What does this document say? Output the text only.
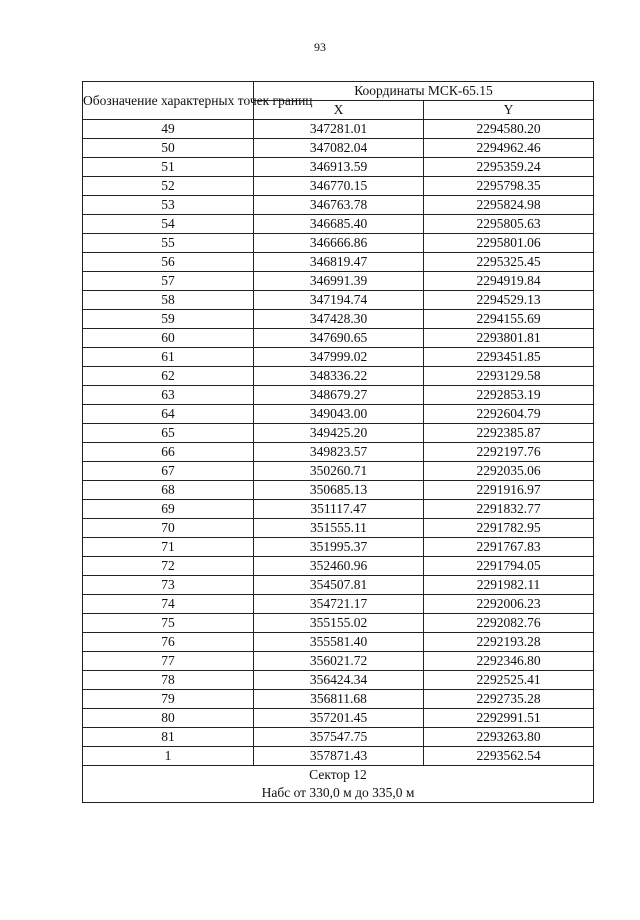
93
Обозначение характерных точек границ	Координаты МСК-65.15	
	X	Y
49	347281.01	2294580.20
50	347082.04	2294962.46
51	346913.59	2295359.24
52	346770.15	2295798.35
53	346763.78	2295824.98
54	346685.40	2295805.63
55	346666.86	2295801.06
56	346819.47	2295325.45
57	346991.39	2294919.84
58	347194.74	2294529.13
59	347428.30	2294155.69
60	347690.65	2293801.81
61	347999.02	2293451.85
62	348336.22	2293129.58
63	348679.27	2292853.19
64	349043.00	2292604.79
65	349425.20	2292385.87
66	349823.57	2292197.76
67	350260.71	2292035.06
68	350685.13	2291916.97
69	351117.47	2291832.77
70	351555.11	2291782.95
71	351995.37	2291767.83
72	352460.96	2291794.05
73	354507.81	2291982.11
74	354721.17	2292006.23
75	355155.02	2292082.76
76	355581.40	2292193.28
77	356021.72	2292346.80
78	356424.34	2292525.41
79	356811.68	2292735.28
80	357201.45	2292991.51
81	357547.75	2293263.80
1	357871.43	2293562.54

Сектор 12
Набс от 330,0 м до 335,0 м		
